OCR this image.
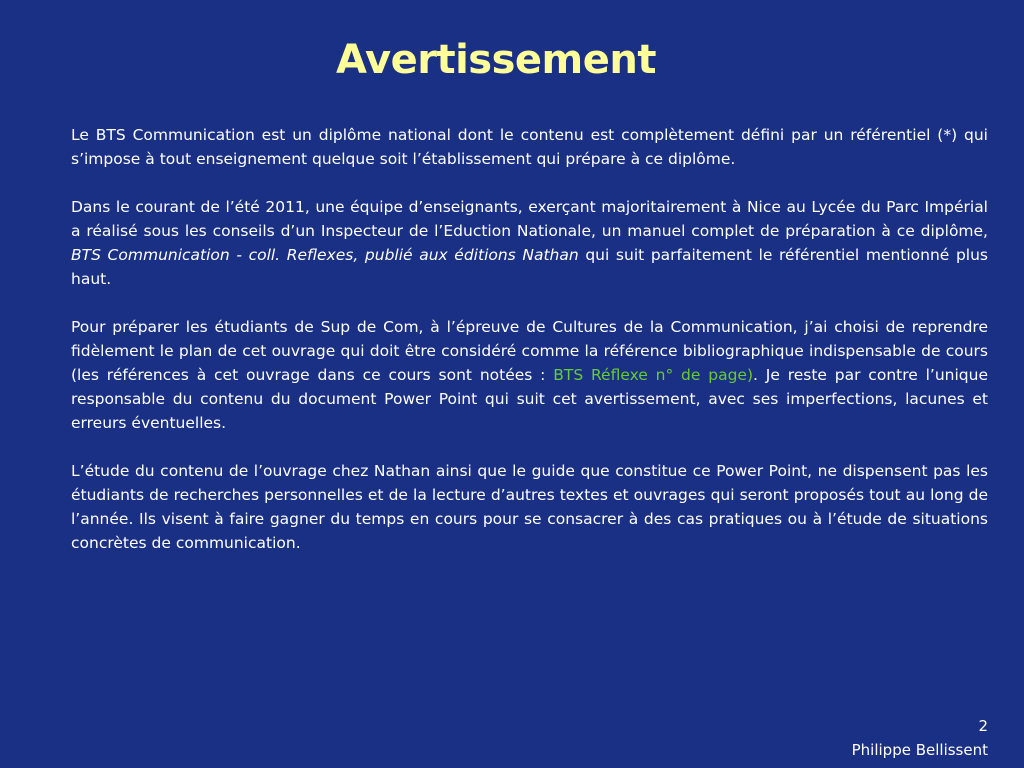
Avertissement

Le BTS Communication est un diplôme national dont le contenu est complètement défini par un référentiel (*) qui s’impose à tout enseignement quelque soit l’établissement qui prépare à ce diplôme.

Dans le courant de l’été 2011, une équipe d’enseignants, exerçant majoritairement à Nice au Lycée du Parc Impérial a réalisé sous les conseils d’un Inspecteur de l’Eduction Nationale, un manuel complet de préparation à ce diplôme, BTS Communication - coll. Reflexes, publié aux éditions Nathan qui suit parfaitement le référentiel mentionné plus haut.

Pour préparer les étudiants de Sup de Com, à l’épreuve de Cultures de la Communication, j’ai choisi de reprendre fidèlement le plan de cet ouvrage qui doit être considéré comme la référence bibliographique indispensable de cours (les références à cet ouvrage dans ce cours sont notées : BTS Réflexe n° de page). Je reste par contre l’unique responsable du contenu du document Power Point qui suit cet avertissement, avec ses imperfections, lacunes et erreurs éventuelles.

L’étude du contenu de l’ouvrage chez Nathan ainsi que le guide que constitue ce Power Point, ne dispensent pas les étudiants de recherches personnelles et de la lecture d’autres textes et ouvrages qui seront proposés tout au long de l’année. Ils visent à faire gagner du temps en cours pour se consacrer à des cas pratiques ou à l’étude de situations concrètes de communication.

2
Philippe Bellissent
